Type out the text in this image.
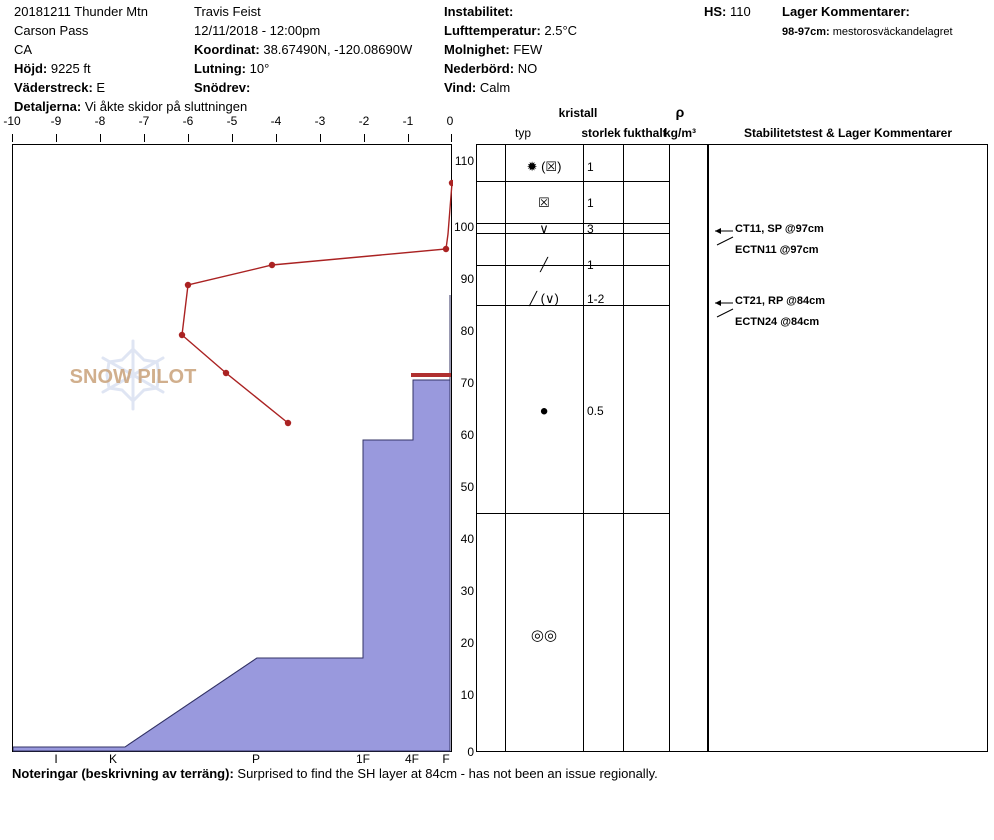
20181211 Thunder Mtn
Carson Pass
CA
Höjd: 9225 ft
Väderstreck: E
Detaljerna: Vi åkte skidor på sluttningen
Travis Feist
12/11/2018 - 12:00pm
Koordinat: 38.67490N, -120.08690W
Lutning: 10°
Snödrev:
Instabilitet:
Lufttemperatur: 2.5°C
Molnighet: FEW
Nederbörd: NO
Vind: Calm
HS: 110 Lager Kommentarer:
98-97cm: mestorosväckandelagret
-10 -9	-8	-7	-6	-5	-4	-3	-2	-1	0
SNOW PILOT
I	K	P	1F	4F F 0
10
20
30
40
50
60
70
80
90
100
110
kristall
typ	storlek fukthalt
ρ
kg/m³	Stabilitetstest & Lager Kommentarer
✹ (☒)	1
☒	1
∨	3
╱	1
╱ (∨)	1-2
●	0.5
◎◎
CT11, SP @97cm
ECTN11 @97cm
CT21, RP @84cm
ECTN24 @84cm
Noteringar (beskrivning av terräng): Surprised to find the SH layer at 84cm - has not been an issue regionally.
